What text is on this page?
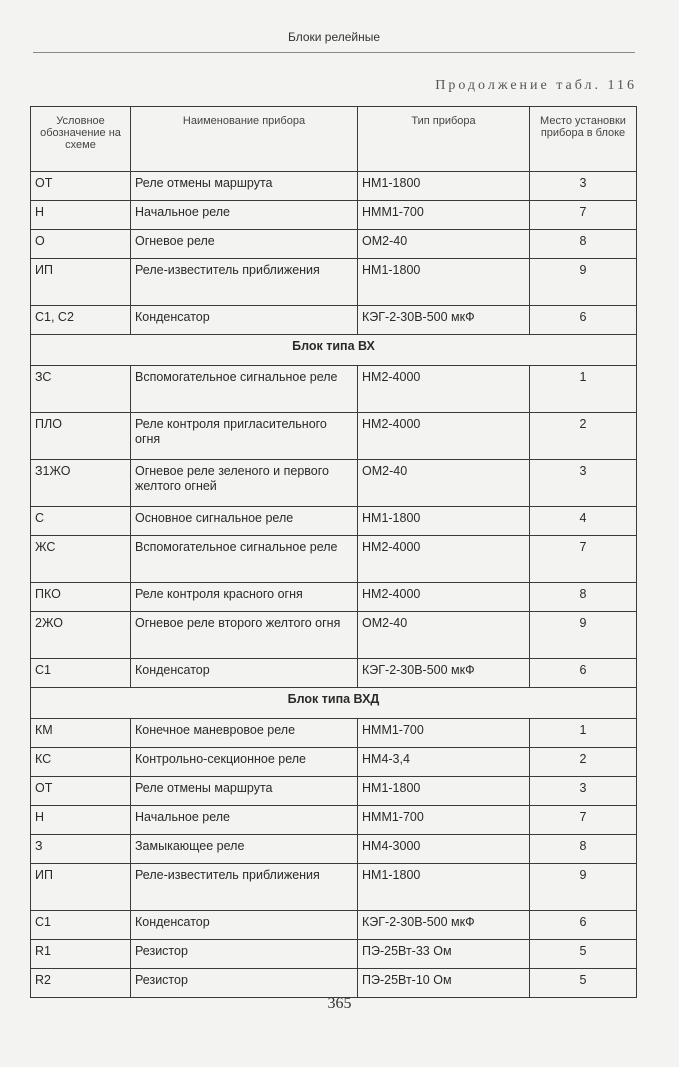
Блоки релейные
Продолжение табл. 116
Условное обозначение на схеме	Наименование прибора	Тип прибора	Место установки прибора в блоке
ОТ	Реле отмены маршрута	НМ1-1800	3
Н	Начальное реле	НММ1-700	7
О	Огневое реле	ОМ2-40	8
ИП	Реле-известитель приближения	НМ1-1800	9
С1, С2	Конденсатор	КЭГ-2-30В-500 мкФ	6
Блок типа ВХ			
ЗС	Вспомогательное сигнальное реле	НМ2-4000	1
ПЛО	Реле контроля пригласительного огня	НМ2-4000	2
З1ЖО	Огневое реле зеленого и первого желтого огней	ОМ2-40	3
С	Основное сигнальное реле	НМ1-1800	4
ЖС	Вспомогательное сигнальное реле	НМ2-4000	7
ПКО	Реле контроля красного огня	НМ2-4000	8
2ЖО	Огневое реле второго желтого огня	ОМ2-40	9
С1	Конденсатор	КЭГ-2-30В-500 мкФ	6
Блок типа ВХД			
КМ	Конечное маневровое реле	НММ1-700	1
КС	Контрольно-секционное реле	НМ4-3,4	2
ОТ	Реле отмены маршрута	НМ1-1800	3
Н	Начальное реле	НММ1-700	7
З	Замыкающее реле	НМ4-3000	8
ИП	Реле-известитель приближения	НМ1-1800	9
С1	Конденсатор	КЭГ-2-30В-500 мкФ	6
R1	Резистор	ПЭ-25Вт-33 Ом	5
R2	Резистор	ПЭ-25Вт-10 Ом	5
365
